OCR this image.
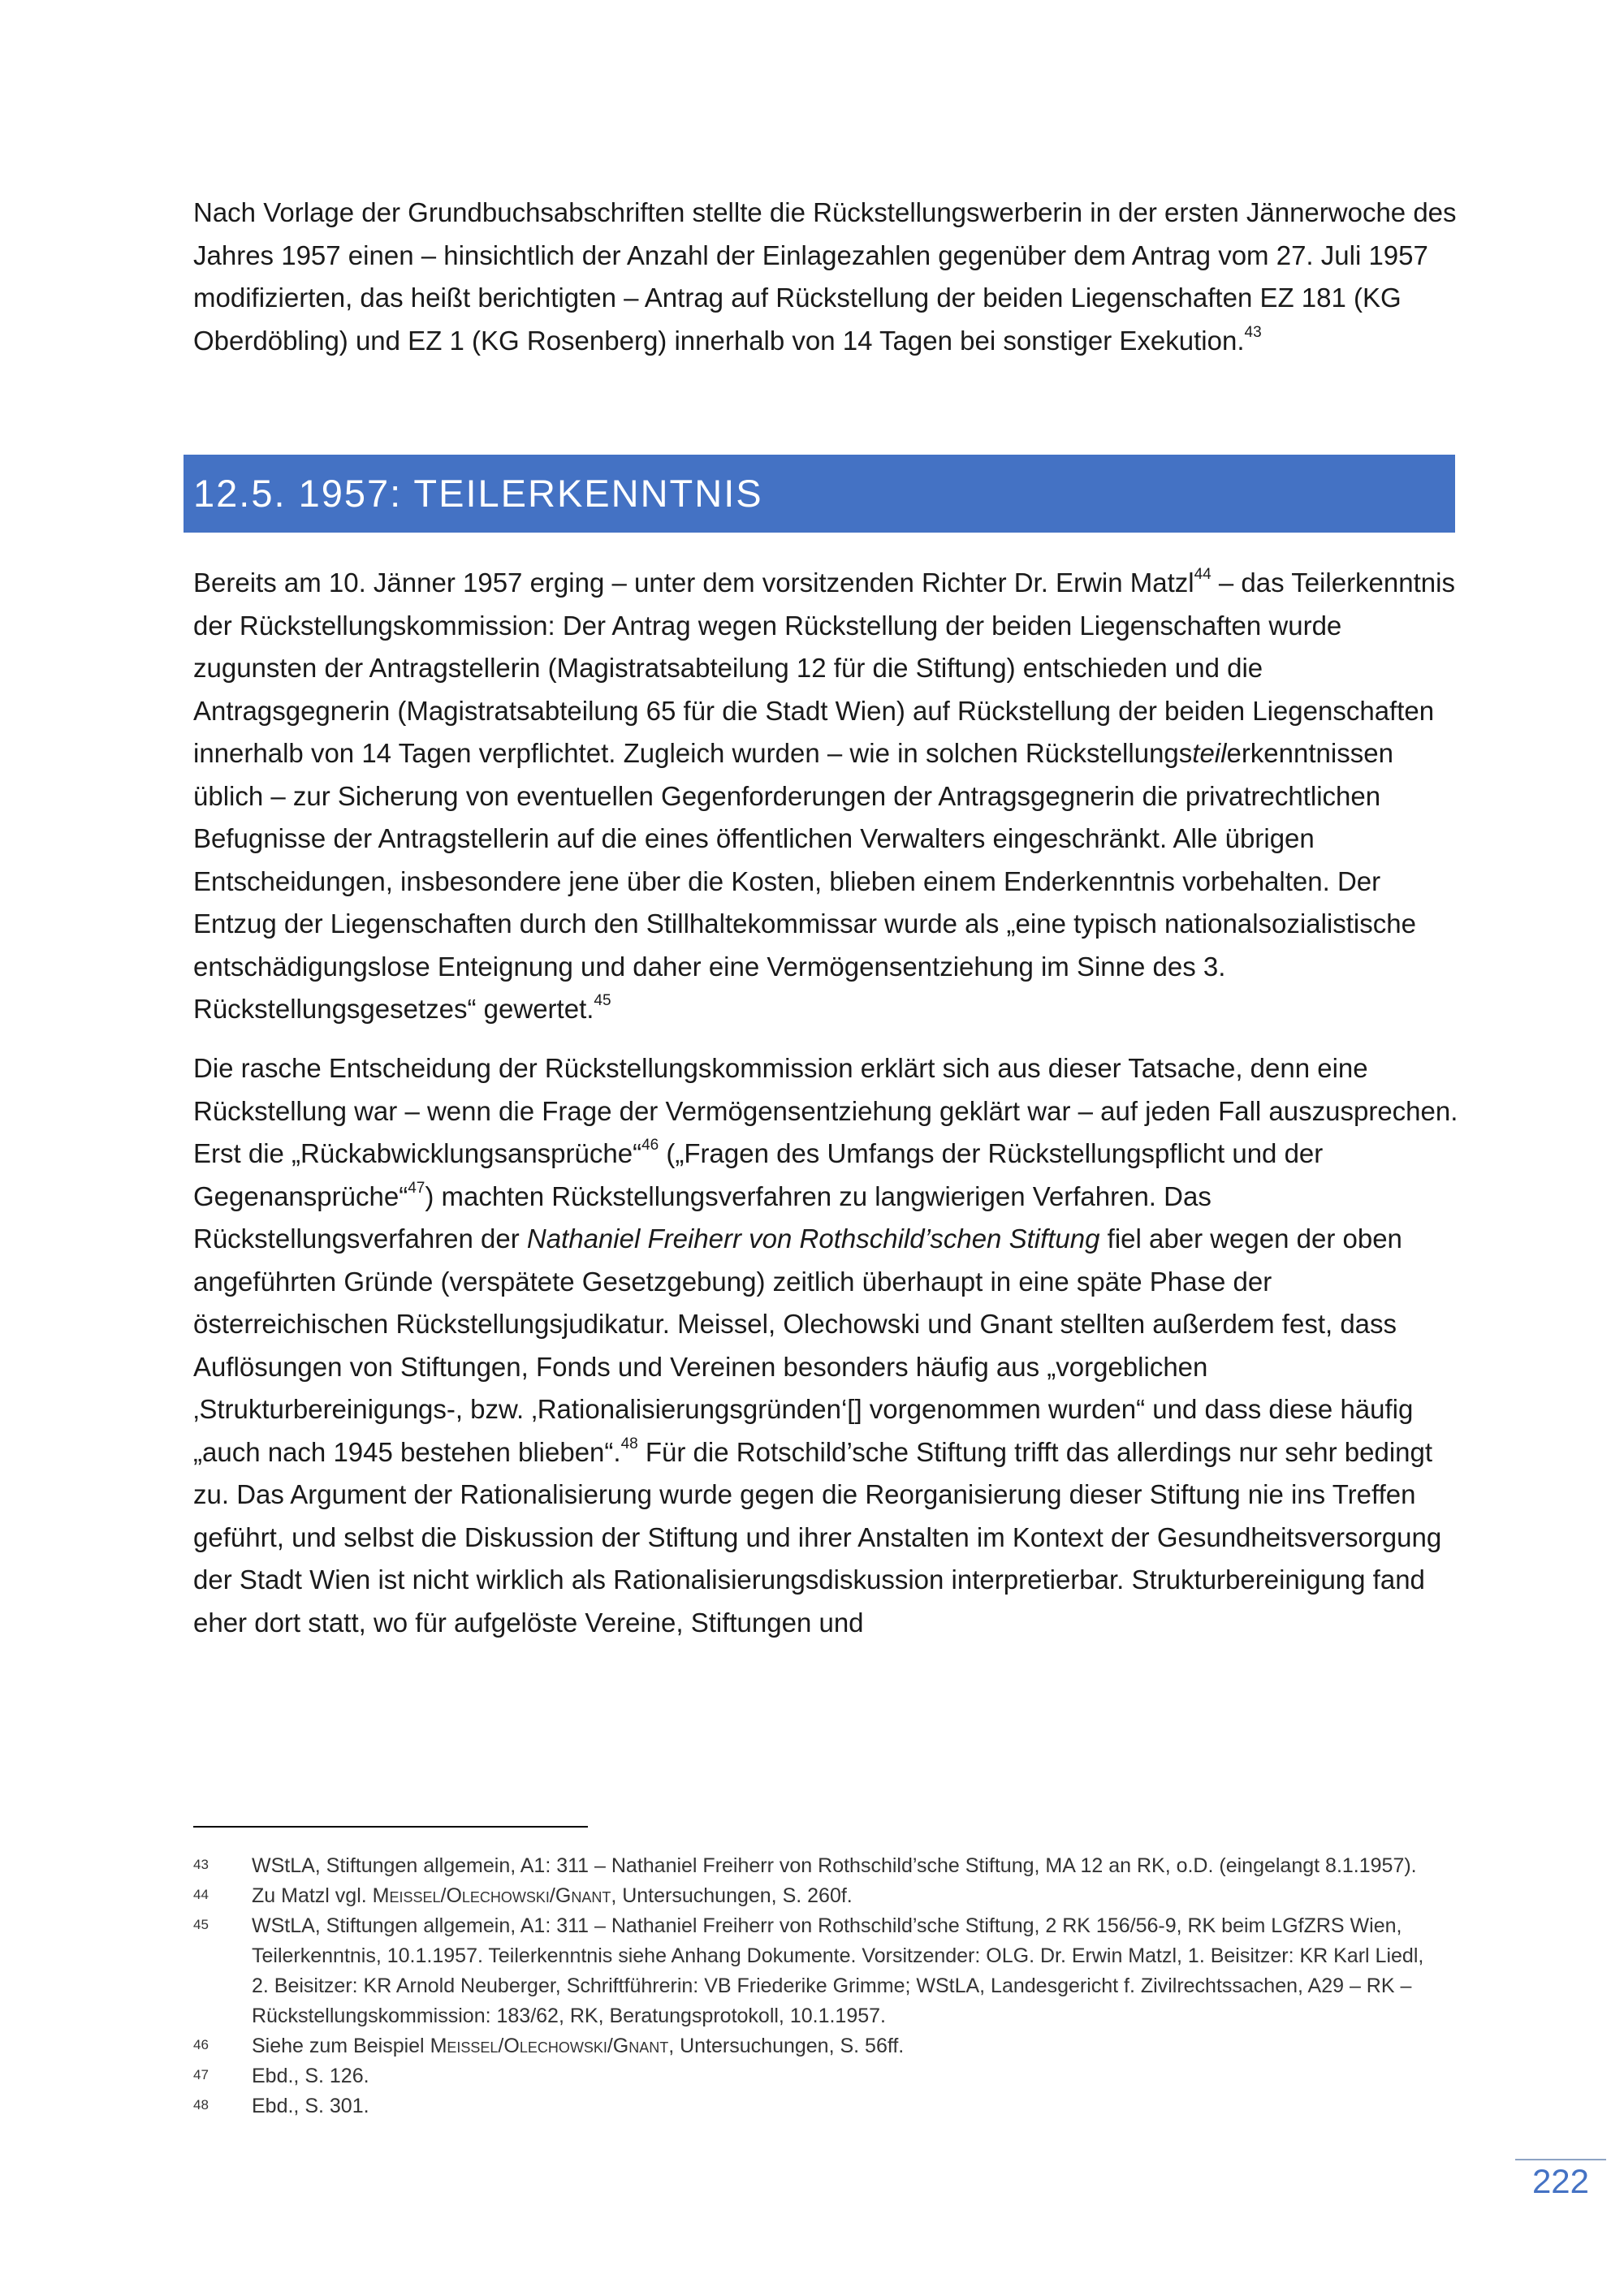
Nach Vorlage der Grundbuchsabschriften stellte die Rückstellungswerberin in der ersten Jännerwoche des Jahres 1957 einen – hinsichtlich der Anzahl der Einlagezahlen gegenüber dem Antrag vom 27. Juli 1957 modifizierten, das heißt berichtigten – Antrag auf Rückstellung der beiden Liegenschaften EZ 181 (KG Oberdöbling) und EZ 1 (KG Rosenberg) innerhalb von 14 Tagen bei sonstiger Exekution.$^{43}$

12.5. 1957: TEILERKENNTNIS

Bereits am 10. Jänner 1957 erging – unter dem vorsitzenden Richter Dr. Erwin Matzl$^{44}$ – das Teilerkenntnis der Rückstellungskommission: Der Antrag wegen Rückstellung der beiden Liegenschaften wurde zugunsten der Antragstellerin (Magistratsabteilung 12 für die Stiftung) entschieden und die Antragsgegnerin (Magistratsabteilung 65 für die Stadt Wien) auf Rückstellung der beiden Liegenschaften innerhalb von 14 Tagen verpflichtet. Zugleich wurden – wie in solchen Rückstellungsteilerkenntnissen üblich – zur Sicherung von eventuellen Gegenforderungen der Antragsgegnerin die privatrechtlichen Befugnisse der Antragstellerin auf die eines öffentlichen Verwalters eingeschränkt. Alle übrigen Entscheidungen, insbesondere jene über die Kosten, blieben einem Enderkenntnis vorbehalten. Der Entzug der Liegenschaften durch den Stillhaltekommissar wurde als „eine typisch nationalsozialistische entschädigungslose Enteignung und daher eine Vermögensentziehung im Sinne des 3. Rückstellungsgesetzes“ gewertet.$^{45}$

Die rasche Entscheidung der Rückstellungskommission erklärt sich aus dieser Tatsache, denn eine Rückstellung war – wenn die Frage der Vermögensentziehung geklärt war – auf jeden Fall auszusprechen. Erst die „Rückabwicklungsansprüche“$^{46}$ („Fragen des Umfangs der Rückstellungspflicht und der Gegenansprüche“$^{47}$) machten Rückstellungsverfahren zu langwierigen Verfahren. Das Rückstellungsverfahren der Nathaniel Freiherr von Rothschild’schen Stiftung fiel aber wegen der oben angeführten Gründe (verspätete Gesetzgebung) zeitlich überhaupt in eine späte Phase der österreichischen Rückstellungsjudikatur. Meissel, Olechowski und Gnant stellten außerdem fest, dass Auflösungen von Stiftungen, Fonds und Vereinen besonders häufig aus „vorgeblichen ‚Strukturbereinigungs-, bzw. ‚Rationalisierungsgründen‘[] vorgenommen wurden“ und dass diese häufig „auch nach 1945 bestehen blieben“.$^{48}$ Für die Rotschild’sche Stiftung trifft das allerdings nur sehr bedingt zu. Das Argument der Rationalisierung wurde gegen die Reorganisierung dieser Stiftung nie ins Treffen geführt, und selbst die Diskussion der Stiftung und ihrer Anstalten im Kontext der Gesundheitsversorgung der Stadt Wien ist nicht wirklich als Rationalisierungsdiskussion interpretierbar. Strukturbereinigung fand eher dort statt, wo für aufgelöste Vereine, Stiftungen und

43 WStLA, Stiftungen allgemein, A1: 311 – Nathaniel Freiherr von Rothschild’sche Stiftung, MA 12 an RK, o.D. (eingelangt 8.1.1957).
44 Zu Matzl vgl. Meissel/Olechowski/Gnant, Untersuchungen, S. 260f.
45 WStLA, Stiftungen allgemein, A1: 311 – Nathaniel Freiherr von Rothschild’sche Stiftung, 2 RK 156/56-9, RK beim LGfZRS Wien, Teilerkenntnis, 10.1.1957. Teilerkenntnis siehe Anhang Dokumente. Vorsitzender: OLG. Dr. Erwin Matzl, 1. Beisitzer: KR Karl Liedl, 2. Beisitzer: KR Arnold Neuberger, Schriftführerin: VB Friederike Grimme; WStLA, Landesgericht f. Zivilrechtssachen, A29 – RK – Rückstellungskommission: 183/62, RK, Beratungsprotokoll, 10.1.1957.
46 Siehe zum Beispiel Meissel/Olechowski/Gnant, Untersuchungen, S. 56ff.
47 Ebd., S. 126.
48 Ebd., S. 301.
222
